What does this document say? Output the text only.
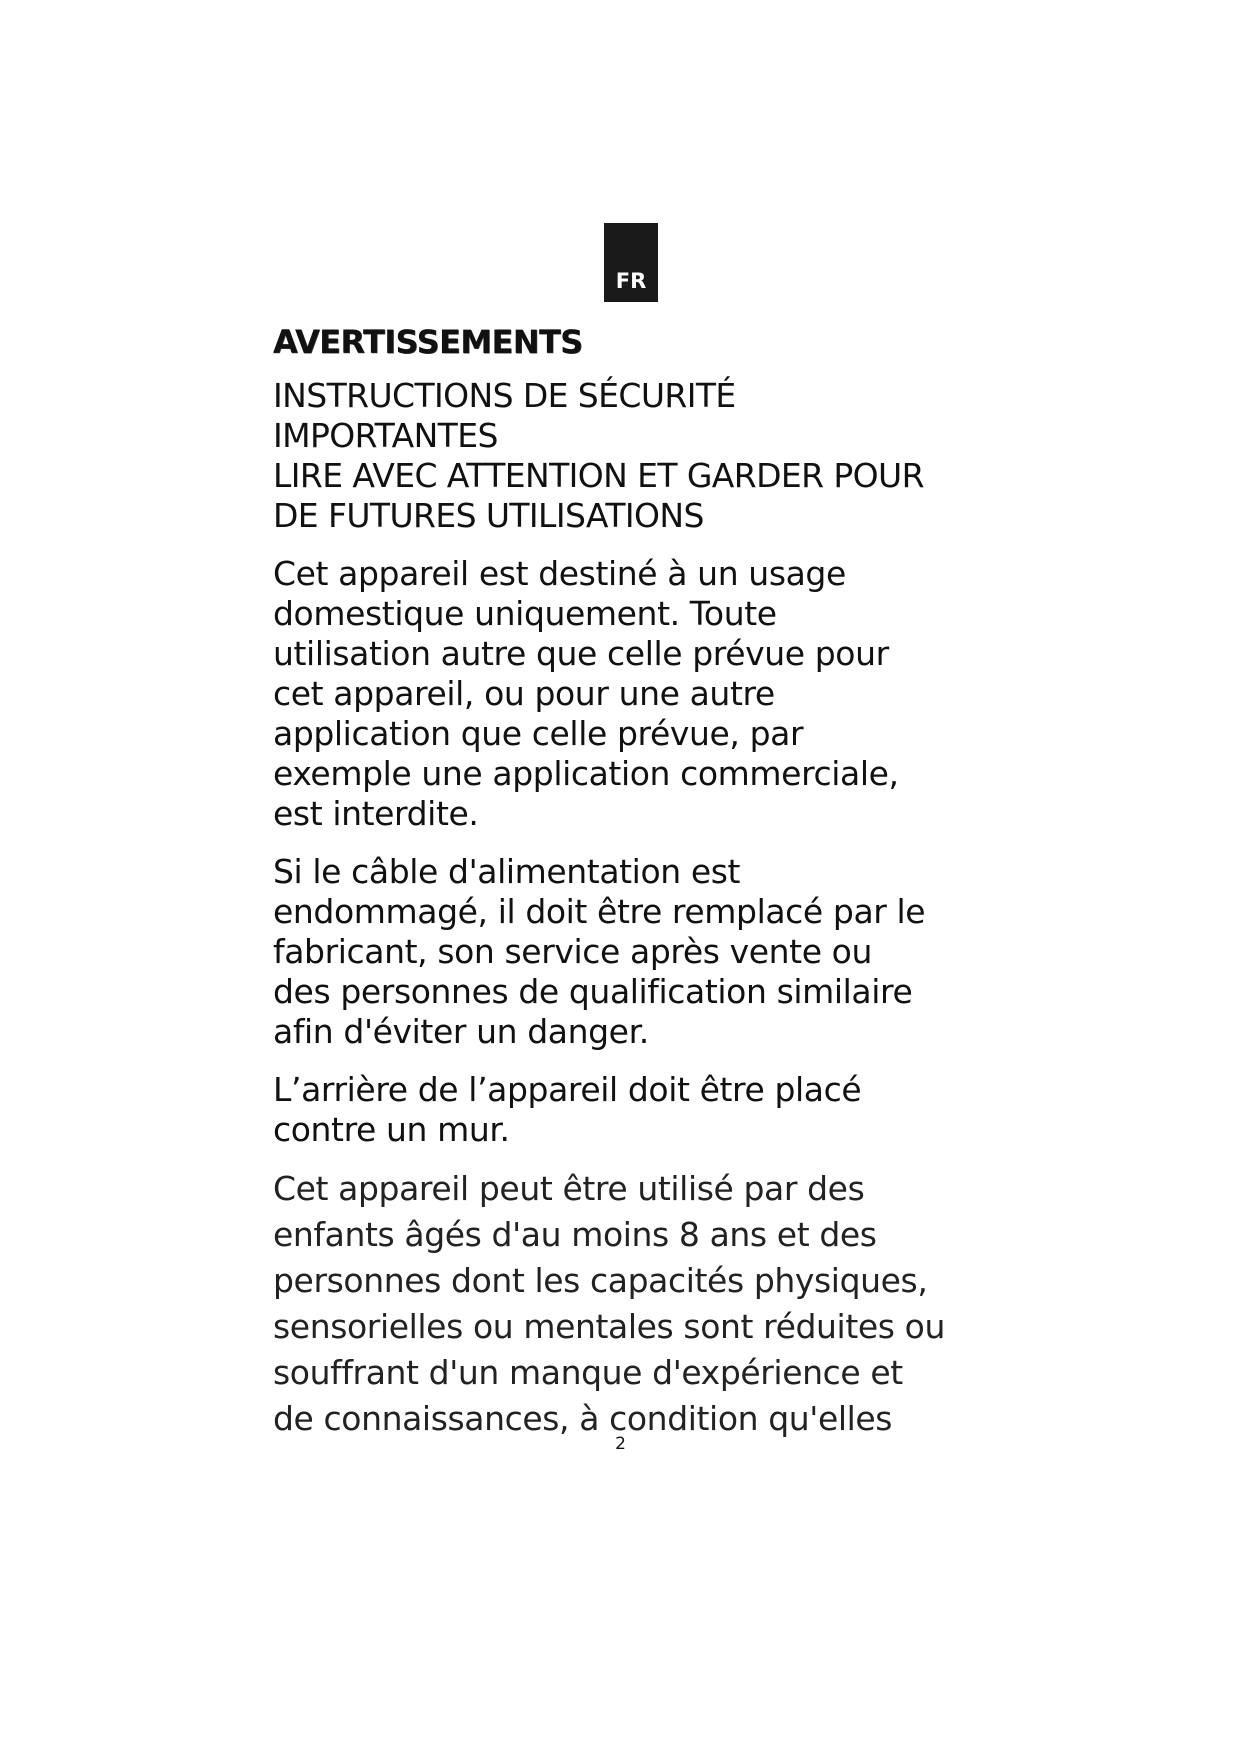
FR
AVERTISSEMENTS
INSTRUCTIONS DE SÉCURITÉ
IMPORTANTES
LIRE AVEC ATTENTION ET GARDER POUR
DE FUTURES UTILISATIONS
Cet appareil est destiné à un usage
domestique uniquement. Toute
utilisation autre que celle prévue pour
cet appareil, ou pour une autre
application que celle prévue, par
exemple une application commerciale,
est interdite.
Si le câble d'alimentation est
endommagé, il doit être remplacé par le
fabricant, son service après vente ou
des personnes de qualification similaire
afin d'éviter un danger.
L’arrière de l’appareil doit être placé
contre un mur.
Cet appareil peut être utilisé par des
enfants âgés d'au moins 8 ans et des
personnes dont les capacités physiques,
sensorielles ou mentales sont réduites ou
souffrant d'un manque d'expérience et
de connaissances, à condition qu'elles
2
